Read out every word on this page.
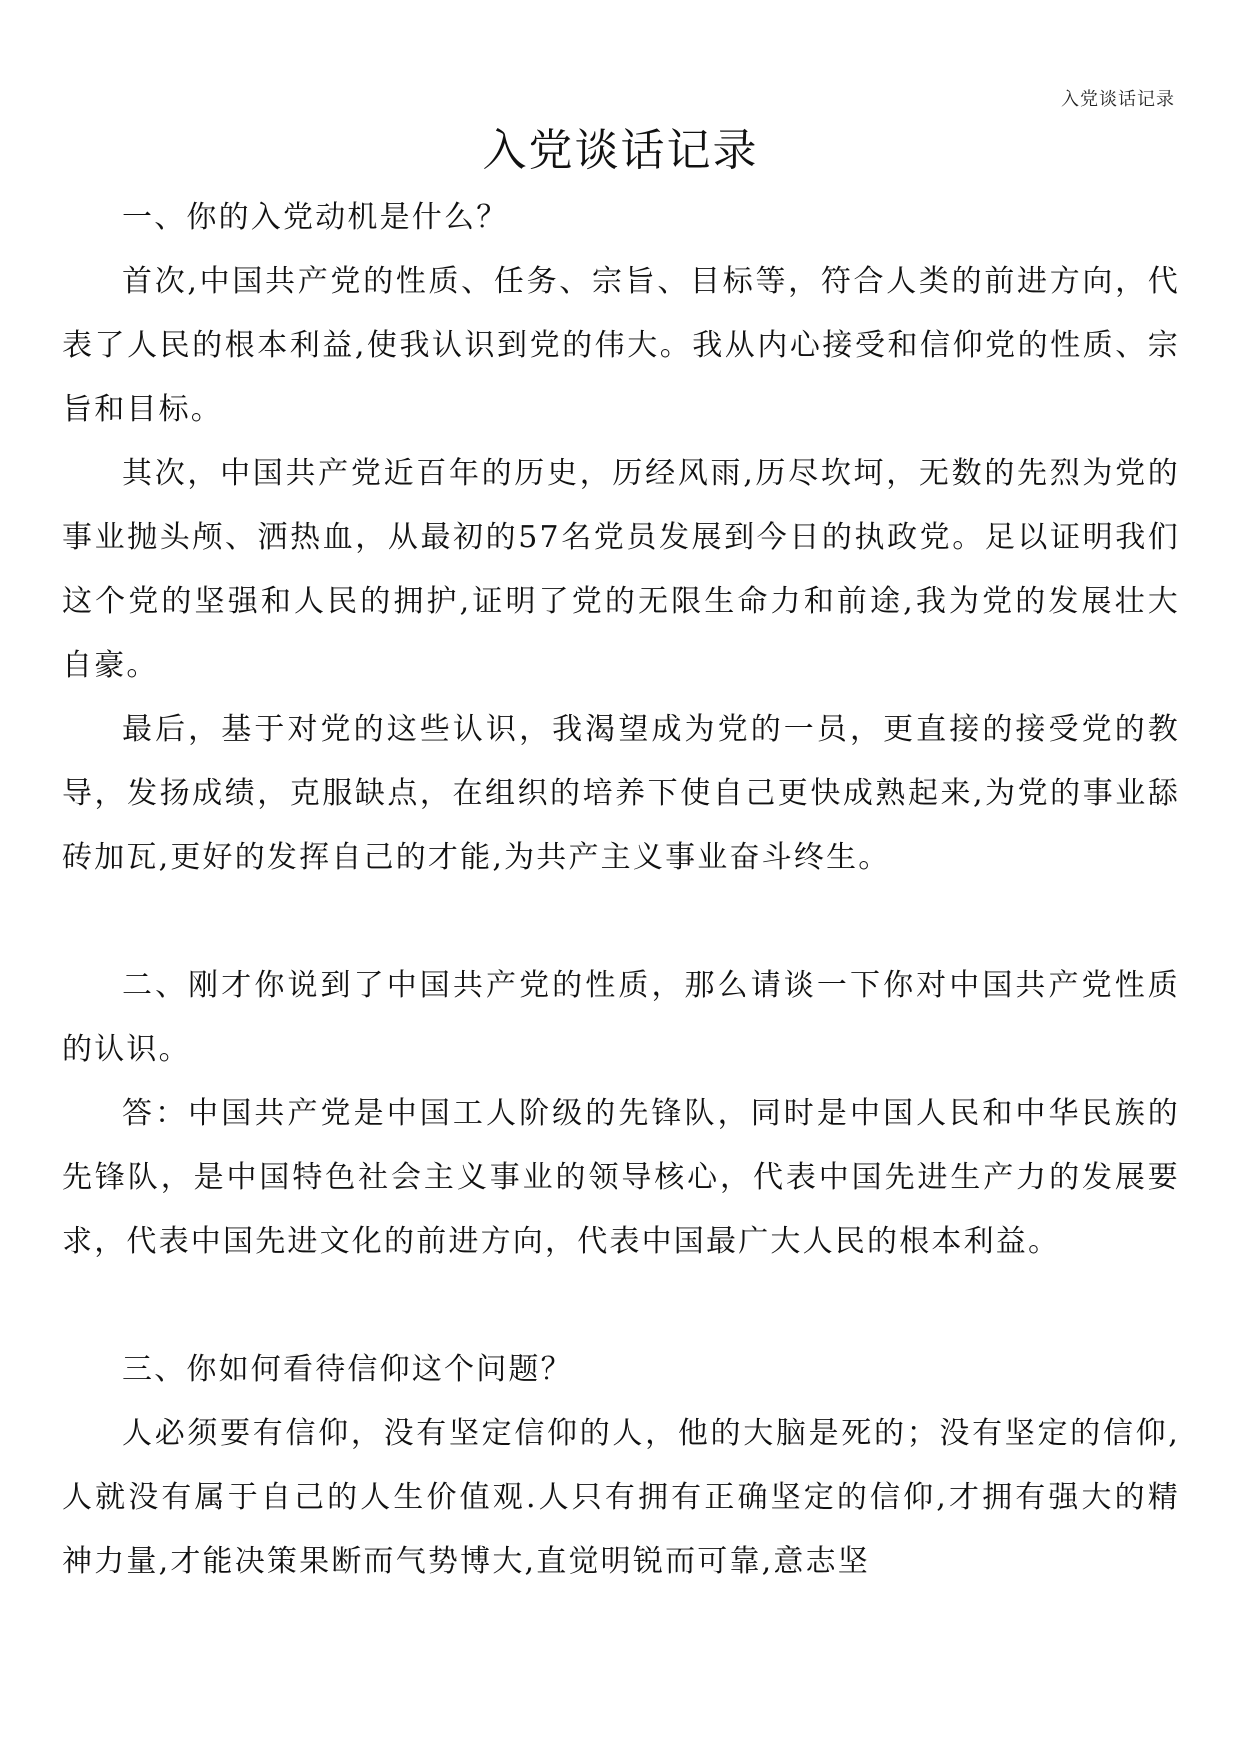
入党谈话记录
入党谈话记录

一、你的入党动机是什么？

首次,中国共产党的性质、任务、宗旨、目标等，符合人类的前进方向，代表了人民的根本利益,使我认识到党的伟大。我从内心接受和信仰党的性质、宗旨和目标。

其次，中国共产党近百年的历史，历经风雨,历尽坎坷，无数的先烈为党的事业抛头颅、洒热血，从最初的57名党员发展到今日的执政党。足以证明我们这个党的坚强和人民的拥护,证明了党的无限生命力和前途,我为党的发展壮大自豪。

最后，基于对党的这些认识，我渴望成为党的一员，更直接的接受党的教导，发扬成绩，克服缺点，在组织的培养下使自己更快成熟起来,为党的事业舔砖加瓦,更好的发挥自己的才能,为共产主义事业奋斗终生。

二、刚才你说到了中国共产党的性质，那么请谈一下你对中国共产党性质的认识。

答：中国共产党是中国工人阶级的先锋队，同时是中国人民和中华民族的先锋队，是中国特色社会主义事业的领导核心，代表中国先进生产力的发展要求，代表中国先进文化的前进方向，代表中国最广大人民的根本利益。

三、你如何看待信仰这个问题？

人必须要有信仰，没有坚定信仰的人，他的大脑是死的；没有坚定的信仰,人就没有属于自己的人生价值观.人只有拥有正确坚定的信仰,才拥有强大的精神力量,才能决策果断而气势博大,直觉明锐而可靠,意志坚
